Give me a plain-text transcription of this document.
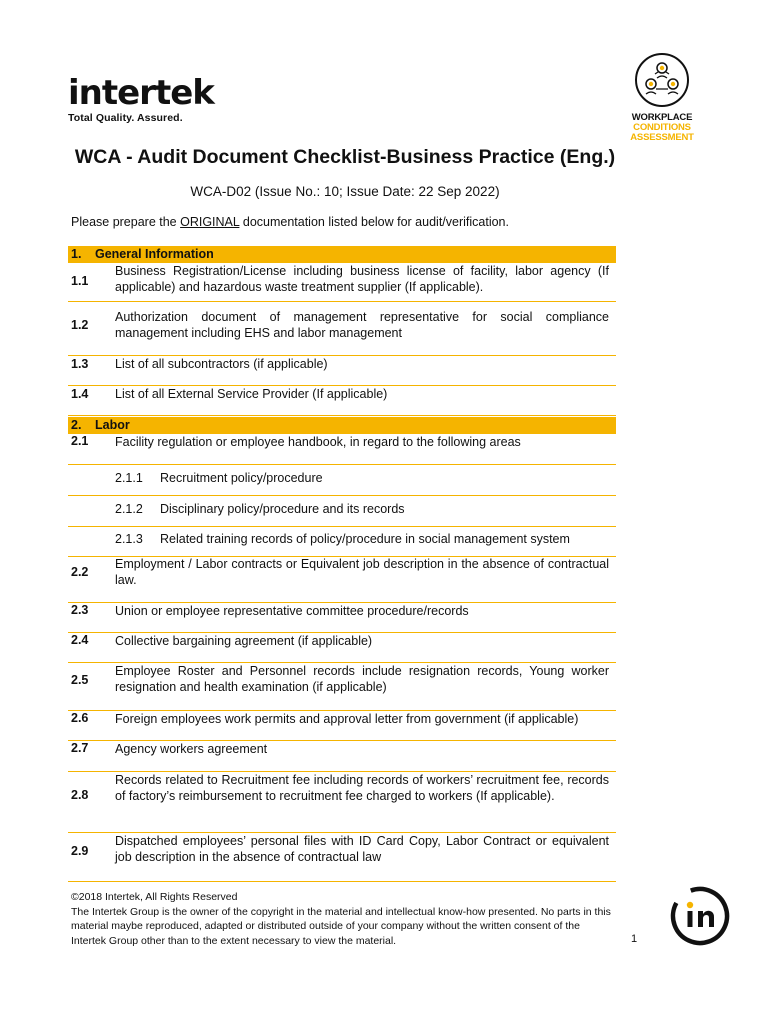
intertek
Total Quality. Assured.	WORKPLACE
CONDITIONS
ASSESSMENT
WCA - Audit Document Checklist-Business Practice (Eng.)
WCA-D02 (Issue No.: 10; Issue Date: 22 Sep 2022)
Please prepare the ORIGINAL documentation listed below for audit/verification.
1. General Information
1.1
Business Registration/License including business license of facility, labor agency (If applicable) and hazardous waste treatment supplier (If applicable).
1.2
Authorization document of management representative for social compliance management including EHS and labor management
1.3 List of all subcontractors (if applicable)
1.4 List of all External Service Provider (If applicable)
2. Labor
2.1 Facility regulation or employee handbook, in regard to the following areas
2.1.1 Recruitment policy/procedure
2.1.2 Disciplinary policy/procedure and its records
2.1.3 Related training records of policy/procedure in social management system
2.2
Employment / Labor contracts or Equivalent job description in the absence of contractual law.
2.3 Union or employee representative committee procedure/records
2.4 Collective bargaining agreement (if applicable)
2.5
Employee Roster and Personnel records include resignation records, Young worker resignation and health examination (if applicable)
2.6 Foreign employees work permits and approval letter from government (if applicable)
2.7 Agency workers agreement
2.8
Records related to Recruitment fee including records of workers’ recruitment fee, records of factory’s reimbursement to recruitment fee charged to workers (If applicable).
2.9
Dispatched employees’ personal files with ID Card Copy, Labor Contract or equivalent job description in the absence of contractual law
©2018 Intertek, All Rights Reserved
The Intertek Group is the owner of the copyright in the material and intellectual know-how presented. No parts in this material maybe reproduced, adapted or distributed outside of your company without the written consent of the Intertek Group other than to the extent necessary to view the material.	1
